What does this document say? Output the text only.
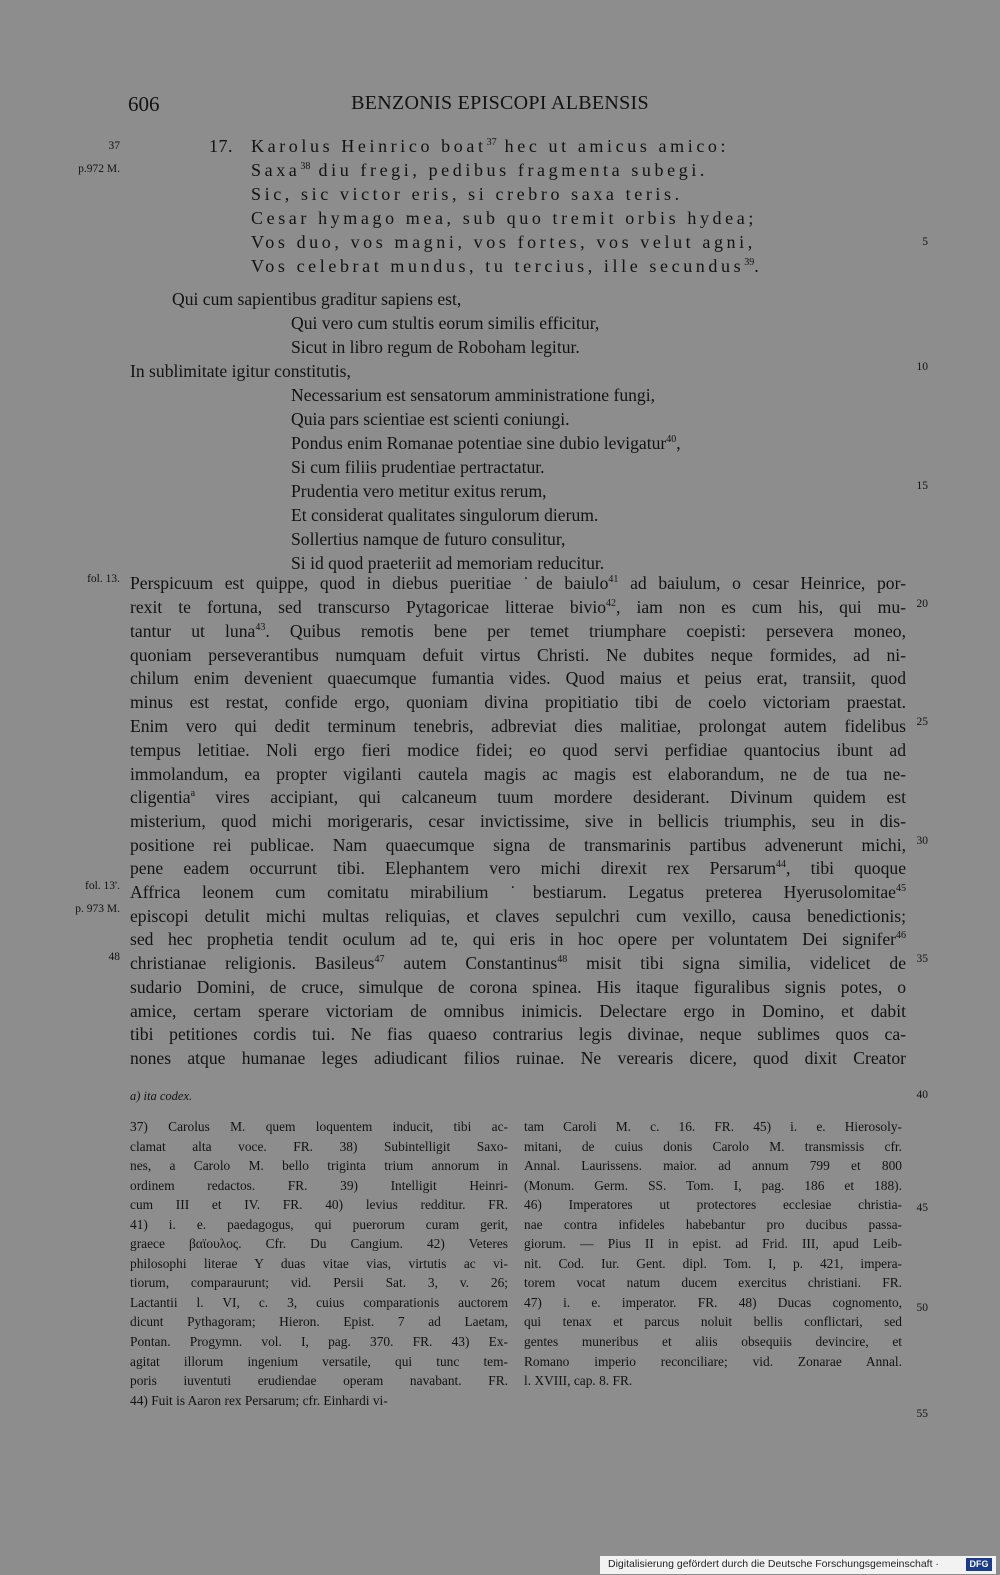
606	BENZONIS EPISCOPI ALBENSIS
37
p.972 M.
fol. 13.
fol. 13'.
p. 973 M.
48
5
10
15
20
25
30
35
40
45
50
55
17. Karolus Heinrico boat$^{37}$ hec ut amicus amico:
Saxa$^{38}$ diu fregi, pedibus fragmenta subegi.
Sic, sic victor eris, si crebro saxa teris.
Cesar hymago mea, sub quo tremit orbis hydea;
Vos duo, vos magni, vos fortes, vos velut agni,
Vos celebrat mundus, tu tercius, ille secundus$^{39}$.
Qui cum sapientibus graditur sapiens est,
Qui vero cum stultis eorum similis efficitur,
Sicut in libro regum de Roboham legitur.
In sublimitate igitur constitutis,
Necessarium est sensatorum amministratione fungi,
Quia pars scientiae est scienti coniungi.
Pondus enim Romanae potentiae sine dubio levigatur$^{40}$,
Si cum filiis prudentiae pertractatur.
Prudentia vero metitur exitus rerum,
Et considerat qualitates singulorum dierum.
Sollertius namque de futuro consulitur,
Si id quod praeteriit ad memoriam reducitur.
Perspicuum est quippe, quod in diebus pueritiae ˙de baiulo$^{41}$ ad baiulum, o cesar Heinrice, por-
rexit te fortuna, sed transcurso Pytagoricae litterae bivio$^{42}$, iam non es cum his, qui mu-
tantur ut luna$^{43}$. Quibus remotis bene per temet triumphare coepisti: persevera moneo,
quoniam perseverantibus numquam defuit virtus Christi. Ne dubites neque formides, ad ni-
chilum enim devenient quaecumque fumantia vides. Quod maius et peius erat, transiit, quod
minus est restat, confide ergo, quoniam divina propitiatio tibi de coelo victoriam praestat.
Enim vero qui dedit terminum tenebris, adbreviat dies malitiae, prolongat autem fidelibus
tempus letitiae. Noli ergo fieri modice fidei; eo quod servi perfidiae quantocius ibunt ad
immolandum, ea propter vigilanti cautela magis ac magis est elaborandum, ne de tua ne-
cligentia$^a$ vires accipiant, qui calcaneum tuum mordere desiderant. Divinum quidem est
misterium, quod michi morigeraris, cesar invictissime, sive in bellicis triumphis, seu in dis-
positione rei publicae. Nam quaecumque signa de transmarinis partibus advenerunt michi,
pene eadem occurrunt tibi. Elephantem vero michi direxit rex Persarum$^{44}$, tibi quoque
Affrica leonem cum comitatu mirabilium ˙bestiarum. Legatus preterea Hyerusolomitae$^{45}$
episcopi detulit michi multas reliquias, et claves sepulchri cum vexillo, causa benedictionis;
sed hec prophetia tendit oculum ad te, qui eris in hoc opere per voluntatem Dei signifer$^{46}$
christianae religionis. Basileus$^{47}$ autem Constantinus$^{48}$ misit tibi signa similia, videlicet de
sudario Domini, de cruce, simulque de corona spinea. His itaque figuralibus signis potes, o
amice, certam sperare victoriam de omnibus inimicis. Delectare ergo in Domino, et dabit
tibi petitiones cordis tui. Ne fias quaeso contrarius legis divinae, neque sublimes quos ca-
nones atque humanae leges adiudicant filios ruinae. Ne verearis dicere, quod dixit Creator
a) ita codex.
37) Carolus M. quem loquentem inducit, tibi ac-
clamat alta voce. FR. 38) Subintelligit Saxo-
nes, a Carolo M. bello triginta trium annorum in
ordinem redactos. FR. 39) Intelligit Heinri-
cum III et IV. FR. 40) levius redditur. FR.
41) i. e. paedagogus, qui puerorum curam gerit,
graece βαϊουλος. Cfr. Du Cangium. 42) Veteres
philosophi literae Y duas vitae vias, virtutis ac vi-
tiorum, comparaurunt; vid. Persii Sat. 3, v. 26;
Lactantii l. VI, c. 3, cuius comparationis auctorem
dicunt Pythagoram; Hieron. Epist. 7 ad Laetam,
Pontan. Progymn. vol. I, pag. 370. FR. 43) Ex-
agitat illorum ingenium versatile, qui tunc tem-
poris iuventuti erudiendae operam navabant. FR.
44) Fuit is Aaron rex Persarum; cfr. Einhardi vi-
tam Caroli M. c. 16. FR. 45) i. e. Hierosoly-
mitani, de cuius donis Carolo M. transmissis cfr.
Annal. Laurissens. maior. ad annum 799 et 800
(Monum. Germ. SS. Tom. I, pag. 186 et 188).
46) Imperatores ut protectores ecclesiae christia-
nae contra infideles habebantur pro ducibus passa-
giorum. — Pius II in epist. ad Frid. III, apud Leib-
nit. Cod. Iur. Gent. dipl. Tom. I, p. 421, impera-
torem vocat natum ducem exercitus christiani. FR.
47) i. e. imperator. FR. 48) Ducas cognomento,
qui tenax et parcus noluit bellis conflictari, sed
gentes muneribus et aliis obsequiis devincire, et
Romano imperio reconciliare; vid. Zonarae Annal.
l. XVIII, cap. 8. FR.
Digitalisierung gefördert durch die Deutsche Forschungsgemeinschaft ·	DFG
